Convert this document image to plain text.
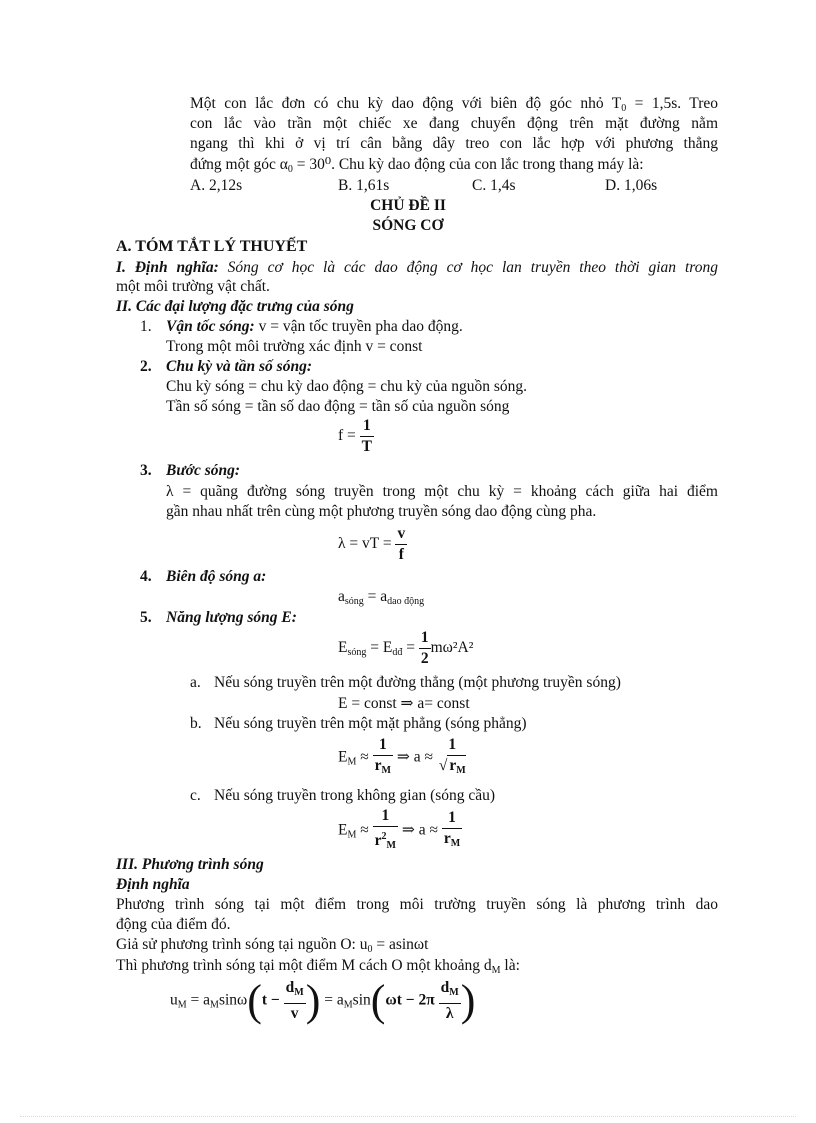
Một con lắc đơn có chu kỳ dao động với biên độ góc nhỏ $T_0 = 1,5s$. Treo
con lắc vào trần một chiếc xe đang chuyển động trên mặt đường nằm
ngang thì khi ở vị trí cân bằng dây treo con lắc hợp với phương thẳng
đứng một góc $\alpha_0 = 30^0$. Chu kỳ dao động của con lắc trong thang máy là:
A. 2,12s	B. 1,61s	C. 1,4s	D. 1,06s
CHỦ ĐỀ II
SÓNG CƠ
A. TÓM TẮT LÝ THUYẾT
I. Định nghĩa: Sóng cơ học là các dao động cơ học lan truyền theo thời gian trong
một môi trường vật chất.
II. Các đại lượng đặc trưng của sóng
1. Vận tốc sóng: v = vận tốc truyền pha dao động.
Trong một môi trường xác định v = const
2. Chu kỳ và tần số sóng:
Chu kỳ sóng = chu kỳ dao động = chu kỳ của nguồn sóng.
Tần số sóng = tần số dao động = tần số của nguồn sóng
$f = \frac{1}{T}$
3. Bước sóng:
λ = quãng đường sóng truyền trong một chu kỳ = khoảng cách giữa hai điểm
gần nhau nhất trên cùng một phương truyền sóng dao động cùng pha.
λ = vT = $\frac{v}{f}$
4. Biên độ sóng a:
$a_{sóng} = a_{dao động}$
5. Năng lượng sóng E:
$E_{sóng} = E_{dđ} = \frac{1}{2} m\omega^2A^2$
a. Nếu sóng truyền trên một đường thẳng (một phương truyền sóng)
E = const ⇒ a= const
b. Nếu sóng truyền trên một mặt phẳng (sóng phẳng)
$E_M \approx \frac{1}{r_M}$ ⇒ a ≈
1
√ $r_M$
c. Nếu sóng truyền trong không gian (sóng cầu)
$E_M \approx \frac{1}{r^2_M}$ ⇒ $a \approx \frac{1}{r_M}$
III. Phương trình sóng
Định nghĩa
Phương trình sóng tại một điểm trong môi trường truyền sóng là phương trình dao
động của điểm đó.
Giả sử phương trình sóng tại nguồn O: $u_0 = asin\omega t$
Thì phương trình sóng tại một điểm M cách O một khoảng $d_M$ là:
$u_M = a_M\sin\omega(t - \frac{d_M}{v}$ ) = $a_M\sin(\omega t - 2\pi \frac{d_M}{\lambda}$ )
